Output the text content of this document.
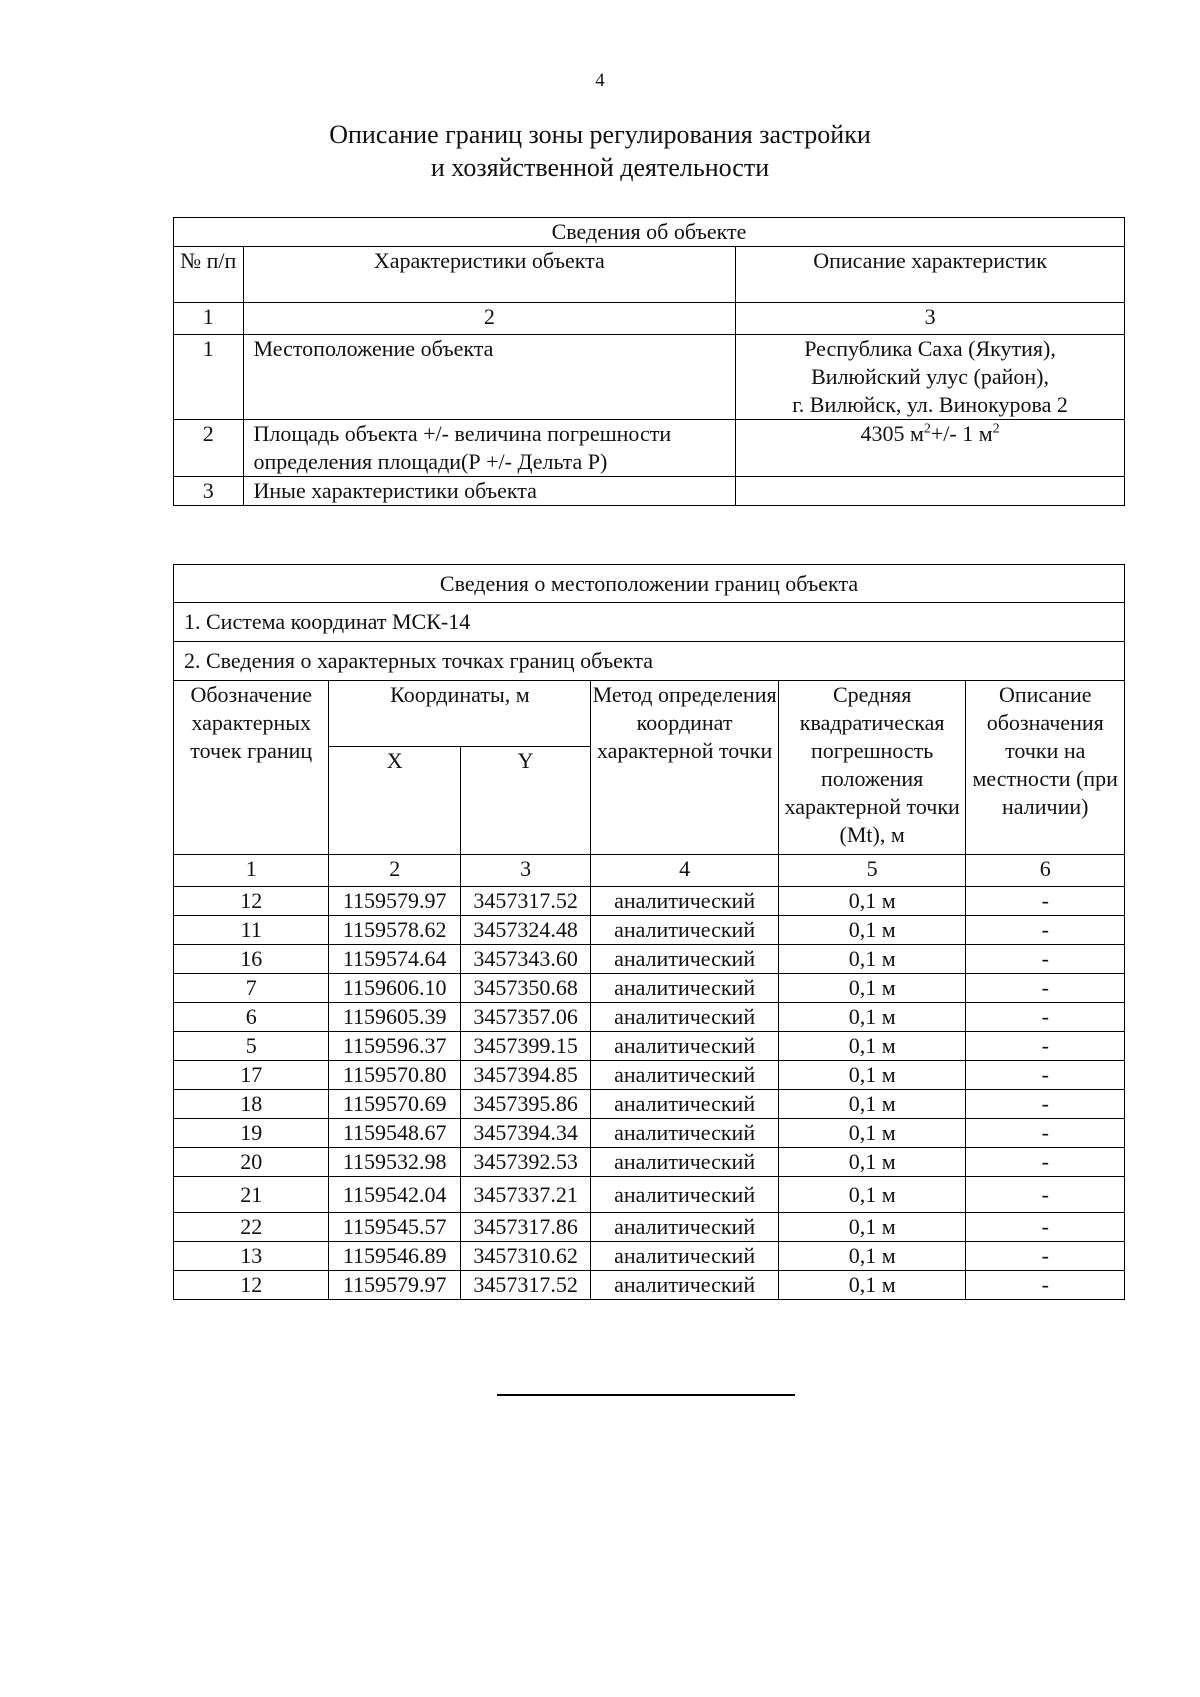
4
Описание границ зоны регулирования застройки
и хозяйственной деятельности
Сведения об объекте		
№ п/п	Характеристики объекта	Описание характеристик
1	2	3
1	Местоположение объекта	Республика Саха (Якутия),
Вилюйский улус (район),
г. Вилюйск, ул. Винокурова 2

2	Площадь объекта +/- величина погрешности определения площади(Р +/- Дельта Р)	4305 $м^2+/-$ 1 $м^2$
3	Иные характеристики объекта	
Сведения о местоположении границ объекта					
1. Система координат МСК-14					
2. Сведения о характерных точках границ объекта					
Обозначение характерных точек границ	Координаты, м		Метод определения координат характерной точки	Средняя квадратическая погрешность положения характерной точки (Mt), м	Описание обозначения точки на местности (при наличии)
	X	Y			
1	2	3	4	5	6
12	1159579.97	3457317.52	аналитический	0,1 м	-
11	1159578.62	3457324.48	аналитический	0,1 м	-
16	1159574.64	3457343.60	аналитический	0,1 м	-
7	1159606.10	3457350.68	аналитический	0,1 м	-
6	1159605.39	3457357.06	аналитический	0,1 м	-
5	1159596.37	3457399.15	аналитический	0,1 м	-
17	1159570.80	3457394.85	аналитический	0,1 м	-
18	1159570.69	3457395.86	аналитический	0,1 м	-
19	1159548.67	3457394.34	аналитический	0,1 м	-
20	1159532.98	3457392.53	аналитический	0,1 м	-
21	1159542.04	3457337.21	аналитический	0,1 м	-
22	1159545.57	3457317.86	аналитический	0,1 м	-
13	1159546.89	3457310.62	аналитический	0,1 м	-
12	1159579.97	3457317.52	аналитический	0,1 м	-
